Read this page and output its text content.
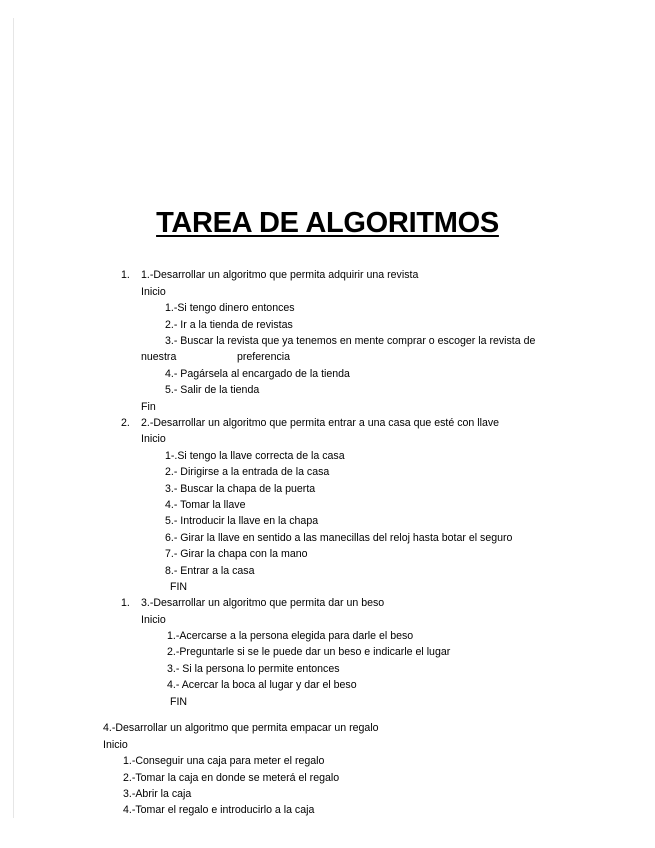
TAREA DE ALGORITMOS
1. 1.-Desarrollar un algoritmo que permita adquirir una revista
Inicio
1.-Si tengo dinero entonces
2.- Ir a la tienda de revistas
3.- Buscar la revista que ya tenemos en mente comprar o escoger la revista de
nuestra	preferencia
4.- Pagársela al encargado de la tienda
5.- Salir de la tienda
Fin
2. 2.-Desarrollar un algoritmo que permita entrar a una casa que esté con llave
Inicio
1-.Si tengo la llave correcta de la casa
2.- Dirigirse a la entrada de la casa
3.- Buscar la chapa de la puerta
4.- Tomar la llave
5.- Introducir la llave en la chapa
6.- Girar la llave en sentido a las manecillas del reloj hasta botar el seguro
7.- Girar la chapa con la mano
8.- Entrar a la casa
FIN
1. 3.-Desarrollar un algoritmo que permita dar un beso
Inicio
1.-Acercarse a la persona elegida para darle el beso
2.-Preguntarle si se le puede dar un beso e indicarle el lugar
3.- Si la persona lo permite entonces
4.- Acercar la boca al lugar y dar el beso
FIN
4.-Desarrollar un algoritmo que permita empacar un regalo
Inicio
1.-Conseguir una caja para meter el regalo
2.-Tomar la caja en donde se meterá el regalo
3.-Abrir la caja
4.-Tomar el regalo e introducirlo a la caja
